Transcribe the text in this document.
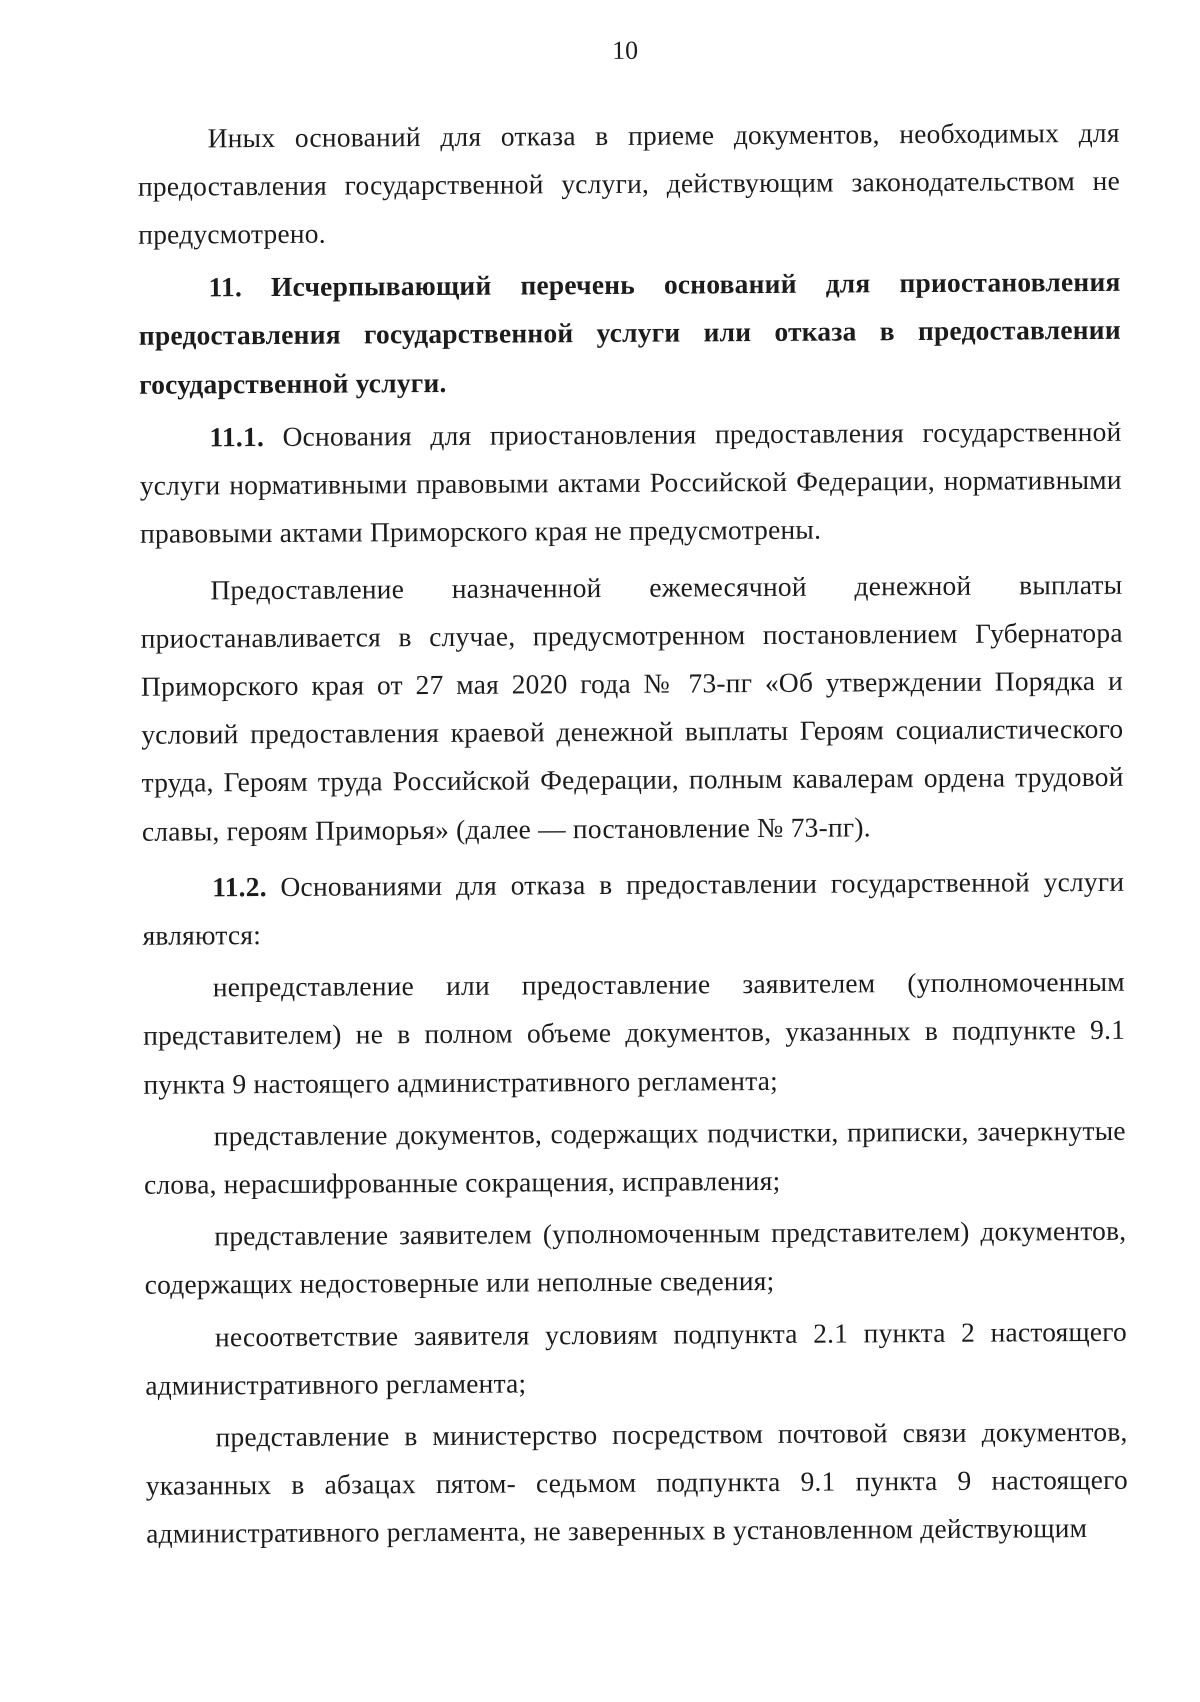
10

Иных оснований для отказа в приеме документов, необходимых для предоставления государственной услуги, действующим законодательством не предусмотрено.

11. Исчерпывающий перечень оснований для приостановления предоставления государственной услуги или отказа в предоставлении государственной услуги.

11.1. Основания для приостановления предоставления государственной услуги нормативными правовыми актами Российской Федерации, нормативными правовыми актами Приморского края не предусмотрены.

Предоставление назначенной ежемесячной денежной выплаты приостанавливается в случае, предусмотренном постановлением Губернатора Приморского края от 27 мая 2020 года № 73-пг «Об утверждении Порядка и условий предоставления краевой денежной выплаты Героям социалистического труда, Героям труда Российской Федерации, полным кавалерам ордена трудовой славы, героям Приморья» (далее — постановление № 73-пг).

11.2. Основаниями для отказа в предоставлении государственной услуги являются:

непредставление или предоставление заявителем (уполномоченным представителем) не в полном объеме документов, указанных в подпункте 9.1 пункта 9 настоящего административного регламента;

представление документов, содержащих подчистки, приписки, зачеркнутые слова, нерасшифрованные сокращения, исправления;

представление заявителем (уполномоченным представителем) документов, содержащих недостоверные или неполные сведения;

несоответствие заявителя условиям подпункта 2.1 пункта 2 настоящего административного регламента;

представление в министерство посредством почтовой связи документов, указанных в абзацах пятом- седьмом подпункта 9.1 пункта 9 настоящего административного регламента, не заверенных в установленном действующим
